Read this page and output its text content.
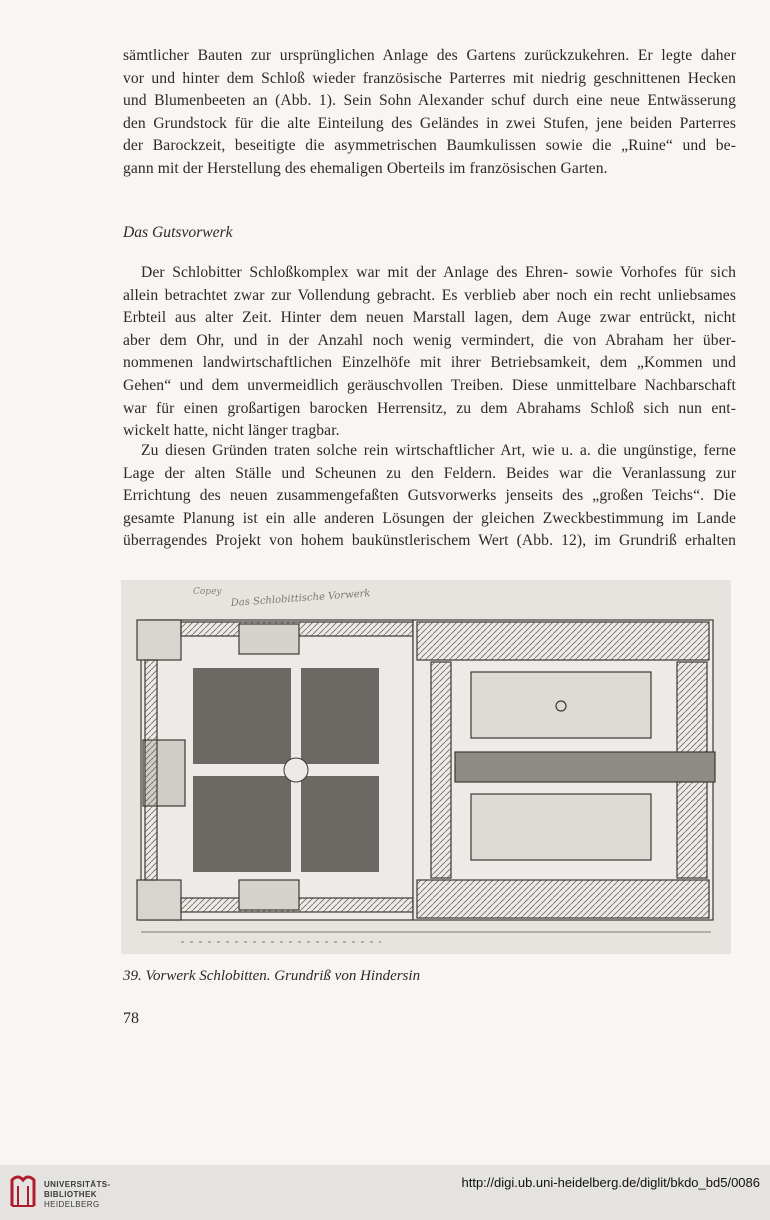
sämtlicher Bauten zur ursprünglichen Anlage des Gartens zurückzukehren. Er legte daher
vor und hinter dem Schloß wieder französische Parterres mit niedrig geschnittenen Hecken
und Blumenbeeten an (Abb. 1). Sein Sohn Alexander schuf durch eine neue Entwässerung
den Grundstock für die alte Einteilung des Geländes in zwei Stufen, jene beiden Parterres
der Barockzeit, beseitigte die asymmetrischen Baumkulissen sowie die „Ruine“ und be-
gann mit der Herstellung des ehemaligen Oberteils im französischen Garten.
Das Gutsvorwerk
Der Schlobitter Schloßkomplex war mit der Anlage des Ehren- sowie Vorhofes für sich
allein betrachtet zwar zur Vollendung gebracht. Es verblieb aber noch ein recht unliebsames
Erbteil aus alter Zeit. Hinter dem neuen Marstall lagen, dem Auge zwar entrückt, nicht
aber dem Ohr, und in der Anzahl noch wenig vermindert, die von Abraham her über-
nommenen landwirtschaftlichen Einzelhöfe mit ihrer Betriebsamkeit, dem „Kommen und
Gehen“ und dem unvermeidlich geräuschvollen Treiben. Diese unmittelbare Nachbarschaft
war für einen großartigen barocken Herrensitz, zu dem Abrahams Schloß sich nun ent-
wickelt hatte, nicht länger tragbar.
Zu diesen Gründen traten solche rein wirtschaftlicher Art, wie u. a. die ungünstige, ferne
Lage der alten Ställe und Scheunen zu den Feldern. Beides war die Veranlassung zur
Errichtung des neuen zusammengefaßten Gutsvorwerks jenseits des „großen Teichs“. Die
gesamte Planung ist ein alle anderen Lösungen der gleichen Zweckbestimmung im Lande
überragendes Projekt von hohem baukünstlerischem Wert (Abb. 12), im Grundriß erhalten
Copey Das Schlobittische Vorwerk
39. Vorwerk Schlobitten. Grundriß von Hindersin
78
UNIVERSITÄTS-
BIBLIOTHEK
HEIDELBERG
http://digi.ub.uni-heidelberg.de/diglit/bkdo_bd5/0086
